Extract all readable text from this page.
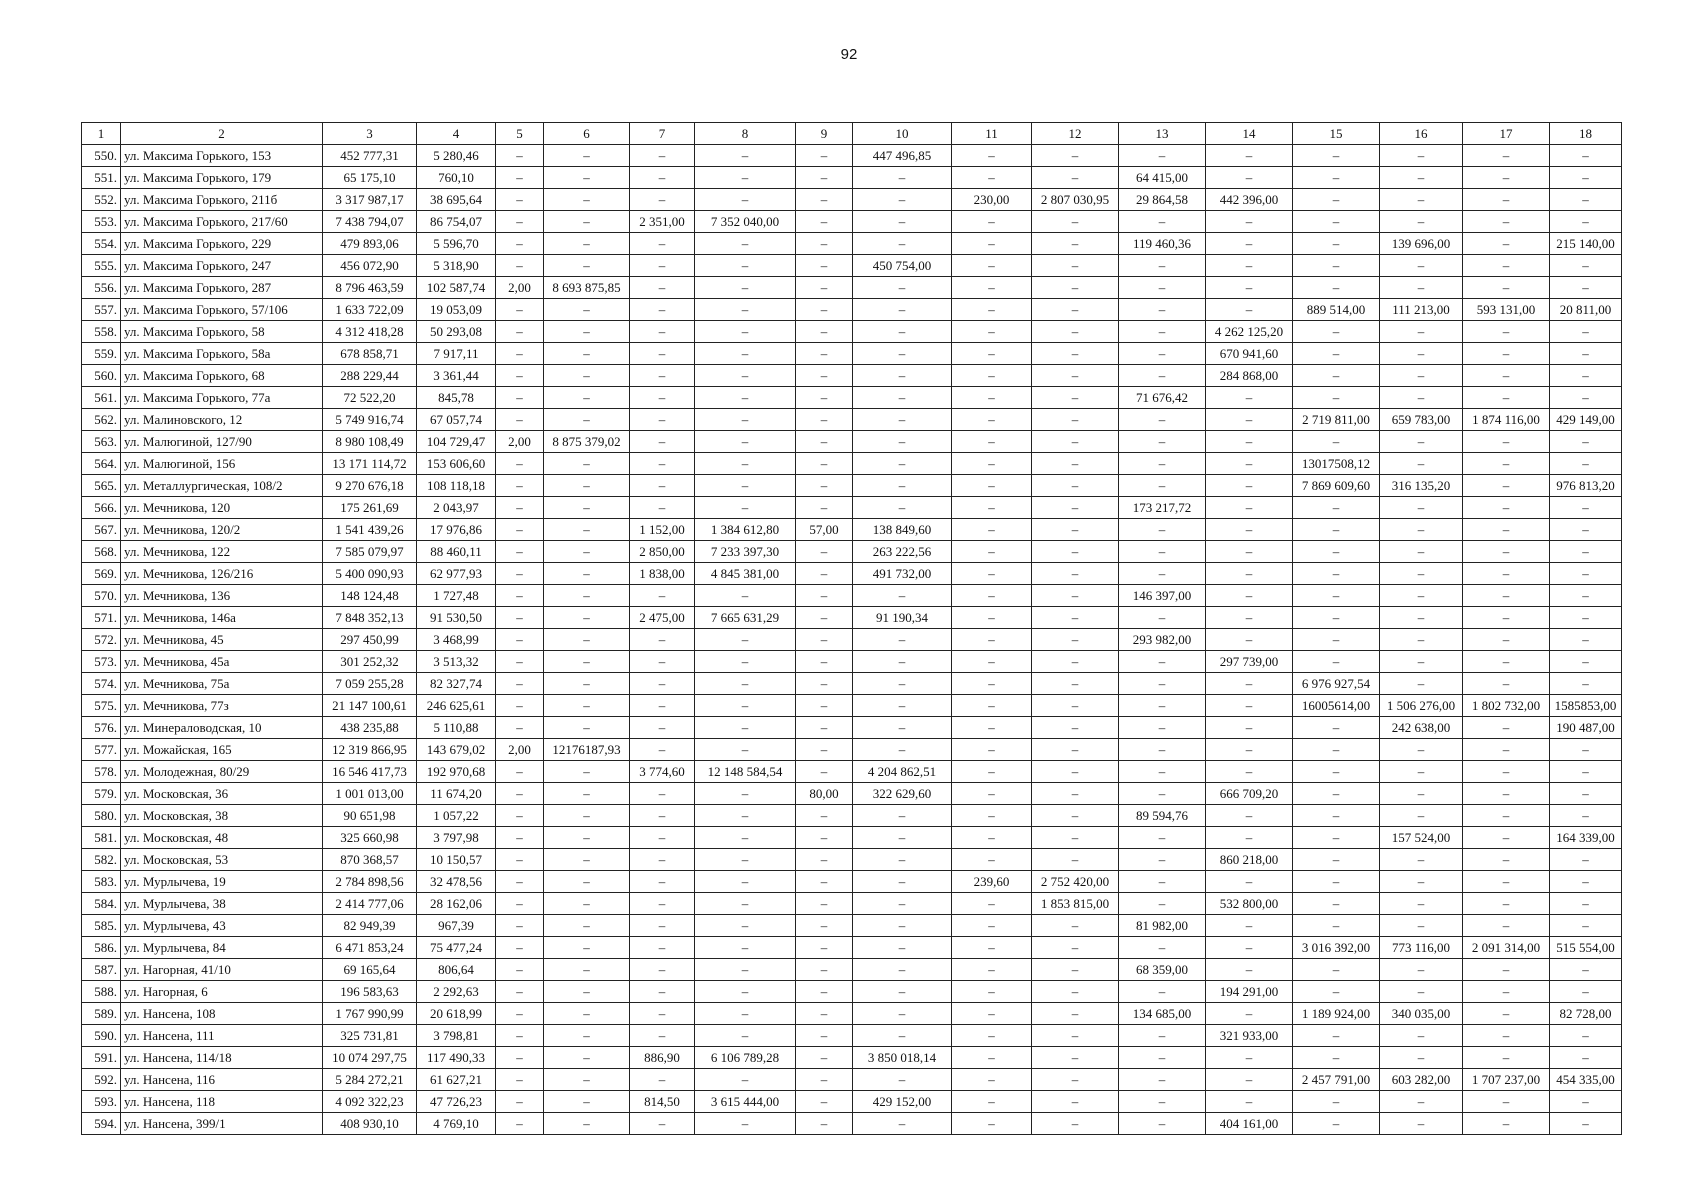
92
1	2	3	4	5	6	7	8	9	10	11	12	13	14	15	16	17	18
550.	ул. Максима Горького, 153	452 777,31	5 280,46	–	–	–	–	–	447 496,85	–	–	–	–	–	–	–	–
551.	ул. Максима Горького, 179	65 175,10	760,10	–	–	–	–	–	–	–	–	64 415,00	–	–	–	–	–
552.	ул. Максима Горького, 211б	3 317 987,17	38 695,64	–	–	–	–	–	–	230,00	2 807 030,95	29 864,58	442 396,00	–	–	–	–
553.	ул. Максима Горького, 217/60	7 438 794,07	86 754,07	–	–	2 351,00	7 352 040,00	–	–	–	–	–	–	–	–	–	–
554.	ул. Максима Горького, 229	479 893,06	5 596,70	–	–	–	–	–	–	–	–	119 460,36	–	–	139 696,00	–	215 140,00
555.	ул. Максима Горького, 247	456 072,90	5 318,90	–	–	–	–	–	450 754,00	–	–	–	–	–	–	–	–
556.	ул. Максима Горького, 287	8 796 463,59	102 587,74	2,00	8 693 875,85	–	–	–	–	–	–	–	–	–	–	–	–
557.	ул. Максима Горького, 57/106	1 633 722,09	19 053,09	–	–	–	–	–	–	–	–	–	–	889 514,00	111 213,00	593 131,00	20 811,00
558.	ул. Максима Горького, 58	4 312 418,28	50 293,08	–	–	–	–	–	–	–	–	–	4 262 125,20	–	–	–	–
559.	ул. Максима Горького, 58а	678 858,71	7 917,11	–	–	–	–	–	–	–	–	–	670 941,60	–	–	–	–
560.	ул. Максима Горького, 68	288 229,44	3 361,44	–	–	–	–	–	–	–	–	–	284 868,00	–	–	–	–
561.	ул. Максима Горького, 77а	72 522,20	845,78	–	–	–	–	–	–	–	–	71 676,42	–	–	–	–	–
562.	ул. Малиновского, 12	5 749 916,74	67 057,74	–	–	–	–	–	–	–	–	–	–	2 719 811,00	659 783,00	1 874 116,00	429 149,00
563.	ул. Малюгиной, 127/90	8 980 108,49	104 729,47	2,00	8 875 379,02	–	–	–	–	–	–	–	–	–	–	–	–
564.	ул. Малюгиной, 156	13 171 114,72	153 606,60	–	–	–	–	–	–	–	–	–	–	13017508,12	–	–	–
565.	ул. Металлургическая, 108/2	9 270 676,18	108 118,18	–	–	–	–	–	–	–	–	–	–	7 869 609,60	316 135,20	–	976 813,20
566.	ул. Мечникова, 120	175 261,69	2 043,97	–	–	–	–	–	–	–	–	173 217,72	–	–	–	–	–
567.	ул. Мечникова, 120/2	1 541 439,26	17 976,86	–	–	1 152,00	1 384 612,80	57,00	138 849,60	–	–	–	–	–	–	–	–
568.	ул. Мечникова, 122	7 585 079,97	88 460,11	–	–	2 850,00	7 233 397,30	–	263 222,56	–	–	–	–	–	–	–	–
569.	ул. Мечникова, 126/216	5 400 090,93	62 977,93	–	–	1 838,00	4 845 381,00	–	491 732,00	–	–	–	–	–	–	–	–
570.	ул. Мечникова, 136	148 124,48	1 727,48	–	–	–	–	–	–	–	–	146 397,00	–	–	–	–	–
571.	ул. Мечникова, 146а	7 848 352,13	91 530,50	–	–	2 475,00	7 665 631,29	–	91 190,34	–	–	–	–	–	–	–	–
572.	ул. Мечникова, 45	297 450,99	3 468,99	–	–	–	–	–	–	–	–	293 982,00	–	–	–	–	–
573.	ул. Мечникова, 45а	301 252,32	3 513,32	–	–	–	–	–	–	–	–	–	297 739,00	–	–	–	–
574.	ул. Мечникова, 75а	7 059 255,28	82 327,74	–	–	–	–	–	–	–	–	–	–	6 976 927,54	–	–	–
575.	ул. Мечникова, 77з	21 147 100,61	246 625,61	–	–	–	–	–	–	–	–	–	–	16005614,00	1 506 276,00	1 802 732,00	1585853,00
576.	ул. Минераловодская, 10	438 235,88	5 110,88	–	–	–	–	–	–	–	–	–	–	–	242 638,00	–	190 487,00
577.	ул. Можайская, 165	12 319 866,95	143 679,02	2,00	12176187,93	–	–	–	–	–	–	–	–	–	–	–	–
578.	ул. Молодежная, 80/29	16 546 417,73	192 970,68	–	–	3 774,60	12 148 584,54	–	4 204 862,51	–	–	–	–	–	–	–	–
579.	ул. Московская, 36	1 001 013,00	11 674,20	–	–	–	–	80,00	322 629,60	–	–	–	666 709,20	–	–	–	–
580.	ул. Московская, 38	90 651,98	1 057,22	–	–	–	–	–	–	–	–	89 594,76	–	–	–	–	–
581.	ул. Московская, 48	325 660,98	3 797,98	–	–	–	–	–	–	–	–	–	–	–	157 524,00	–	164 339,00
582.	ул. Московская, 53	870 368,57	10 150,57	–	–	–	–	–	–	–	–	–	860 218,00	–	–	–	–
583.	ул. Мурлычева, 19	2 784 898,56	32 478,56	–	–	–	–	–	–	239,60	2 752 420,00	–	–	–	–	–	–
584.	ул. Мурлычева, 38	2 414 777,06	28 162,06	–	–	–	–	–	–	–	1 853 815,00	–	532 800,00	–	–	–	–
585.	ул. Мурлычева, 43	82 949,39	967,39	–	–	–	–	–	–	–	–	81 982,00	–	–	–	–	–
586.	ул. Мурлычева, 84	6 471 853,24	75 477,24	–	–	–	–	–	–	–	–	–	–	3 016 392,00	773 116,00	2 091 314,00	515 554,00
587.	ул. Нагорная, 41/10	69 165,64	806,64	–	–	–	–	–	–	–	–	68 359,00	–	–	–	–	–
588.	ул. Нагорная, 6	196 583,63	2 292,63	–	–	–	–	–	–	–	–	–	194 291,00	–	–	–	–
589.	ул. Нансена, 108	1 767 990,99	20 618,99	–	–	–	–	–	–	–	–	134 685,00	–	1 189 924,00	340 035,00	–	82 728,00
590.	ул. Нансена, 111	325 731,81	3 798,81	–	–	–	–	–	–	–	–	–	321 933,00	–	–	–	–
591.	ул. Нансена, 114/18	10 074 297,75	117 490,33	–	–	886,90	6 106 789,28	–	3 850 018,14	–	–	–	–	–	–	–	–
592.	ул. Нансена, 116	5 284 272,21	61 627,21	–	–	–	–	–	–	–	–	–	–	2 457 791,00	603 282,00	1 707 237,00	454 335,00
593.	ул. Нансена, 118	4 092 322,23	47 726,23	–	–	814,50	3 615 444,00	–	429 152,00	–	–	–	–	–	–	–	–
594.	ул. Нансена, 399/1	408 930,10	4 769,10	–	–	–	–	–	–	–	–	–	404 161,00	–	–	–	–
